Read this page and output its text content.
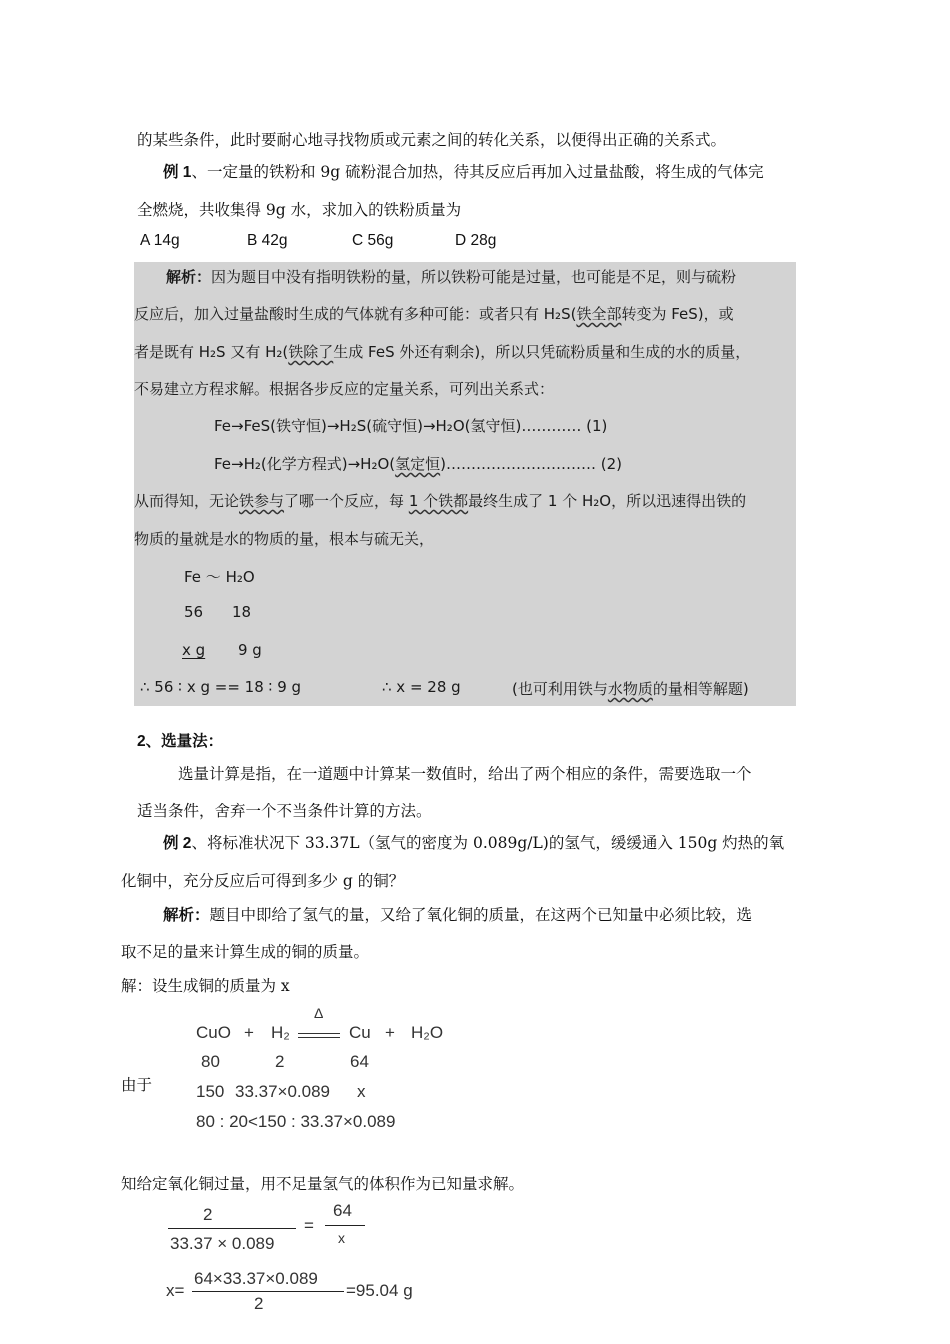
的某些条件，此时要耐心地寻找物质或元素之间的转化关系，以便得出正确的关系式。
例 1、一定量的铁粉和 9g 硫粉混合加热，待其反应后再加入过量盐酸，将生成的气体完
全燃烧，共收集得 9g 水，求加入的铁粉质量为
A 14g	B 42g	C 56g	D 28g
解析：因为题目中没有指明铁粉的量，所以铁粉可能是过量，也可能是不足，则与硫粉
反应后，加入过量盐酸时生成的气体就有多种可能：或者只有 H₂S(铁全部转变为 FeS)，或
者是既有 H₂S 又有 H₂(铁除了生成 FeS 外还有剩余)，所以只凭硫粉质量和生成的水的质量，
不易建立方程求解。根据各步反应的定量关系，可列出关系式：
Fe→FeS(铁守恒)→H₂S(硫守恒)→H₂O(氢守恒)………… (1)
Fe→H₂(化学方程式)→H₂O(氢定恒)………………………… (2)
从而得知，无论铁参与了哪一个反应，每 1 个铁都最终生成了 1 个 H₂O，所以迅速得出铁的
物质的量就是水的物质的量，根本与硫无关，
Fe ～ H₂O
56 18
x g 9 g
∴ 56 ∶ x g == 18 ∶ 9 g	∴ x = 28 g	(也可利用铁与水物质的量相等解题)
2、选量法：
选量计算是指，在一道题中计算某一数值时，给出了两个相应的条件，需要选取一个
适当条件，舍弃一个不当条件计算的方法。
例 2、将标准状况下 33.37L（氢气的密度为 0.089g/L)的氢气，缓缓通入 150g 灼热的氧
化铜中，充分反应后可得到多少 g 的铜？
解析：题目中即给了氢气的量，又给了氧化铜的质量，在这两个已知量中必须比较，选
取不足的量来计算生成的铜的质量。
解：设生成铜的质量为 x
CuO + H₂
Δ
Cu + H₂O
80	2	64
由于	150 33.37×0.089 x
80 : 20<150 : 33.37×0.089
知给定氧化铜过量，用不足量氢气的体积作为已知量求解。
2
33.37 × 0.089
=
64
x
x=
64×33.37×0.089
2
=95.04 g
